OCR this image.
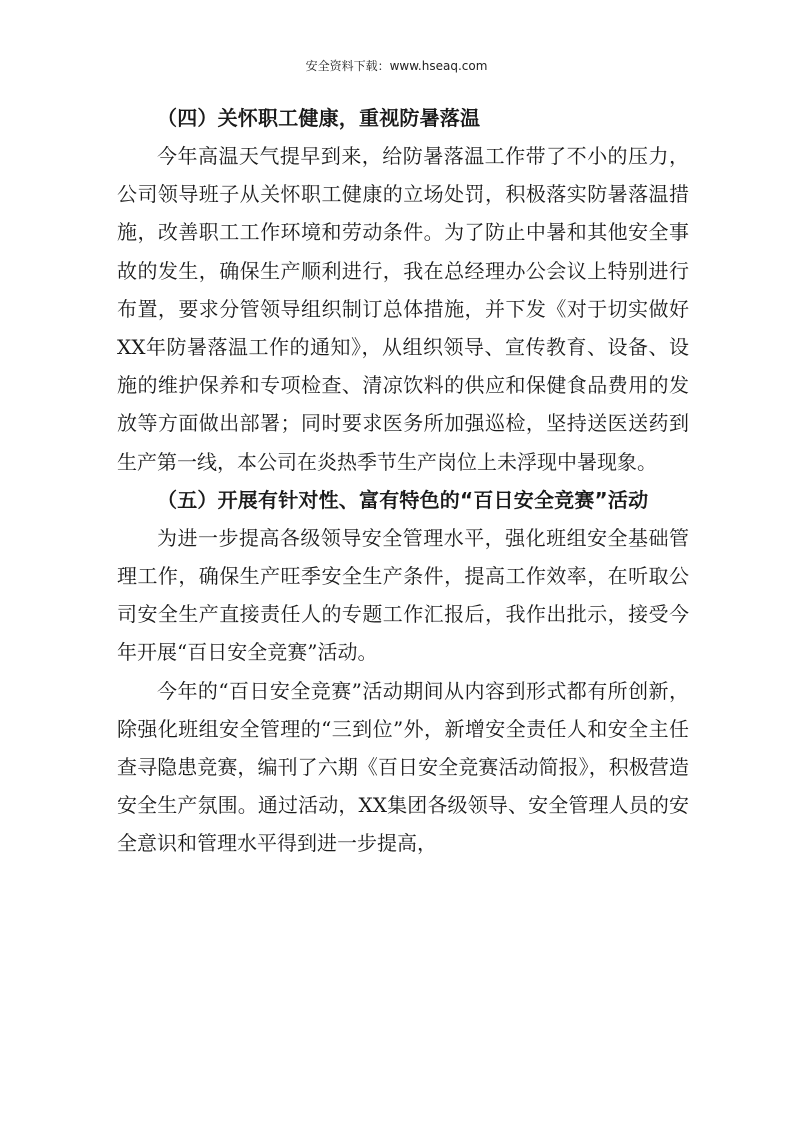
安全资料下载：www.hseaq.com

（四）关怀职工健康，重视防暑落温

今年高温天气提早到来，给防暑落温工作带了不小的压力，公司领导班子从关怀职工健康的立场处罚，积极落实防暑落温措施，改善职工工作环境和劳动条件。为了防止中暑和其他安全事故的发生，确保生产顺利进行，我在总经理办公会议上特别进行布置，要求分管领导组织制订总体措施，并下发《对于切实做好XX年防暑落温工作的通知》，从组织领导、宣传教育、设备、设施的维护保养和专项检查、清凉饮料的供应和保健食品费用的发放等方面做出部署；同时要求医务所加强巡检，坚持送医送药到生产第一线，本公司在炎热季节生产岗位上未浮现中暑现象。

（五）开展有针对性、富有特色的“百日安全竞赛”活动

为进一步提高各级领导安全管理水平，强化班组安全基础管理工作，确保生产旺季安全生产条件，提高工作效率，在听取公司安全生产直接责任人的专题工作汇报后，我作出批示，接受今年开展“百日安全竞赛”活动。

今年的“百日安全竞赛”活动期间从内容到形式都有所创新，除强化班组安全管理的“三到位”外，新增安全责任人和安全主任查寻隐患竞赛，编刊了六期《百日安全竞赛活动简报》，积极营造安全生产氛围。通过活动，XX集团各级领导、安全管理人员的安全意识和管理水平得到进一步提高，
